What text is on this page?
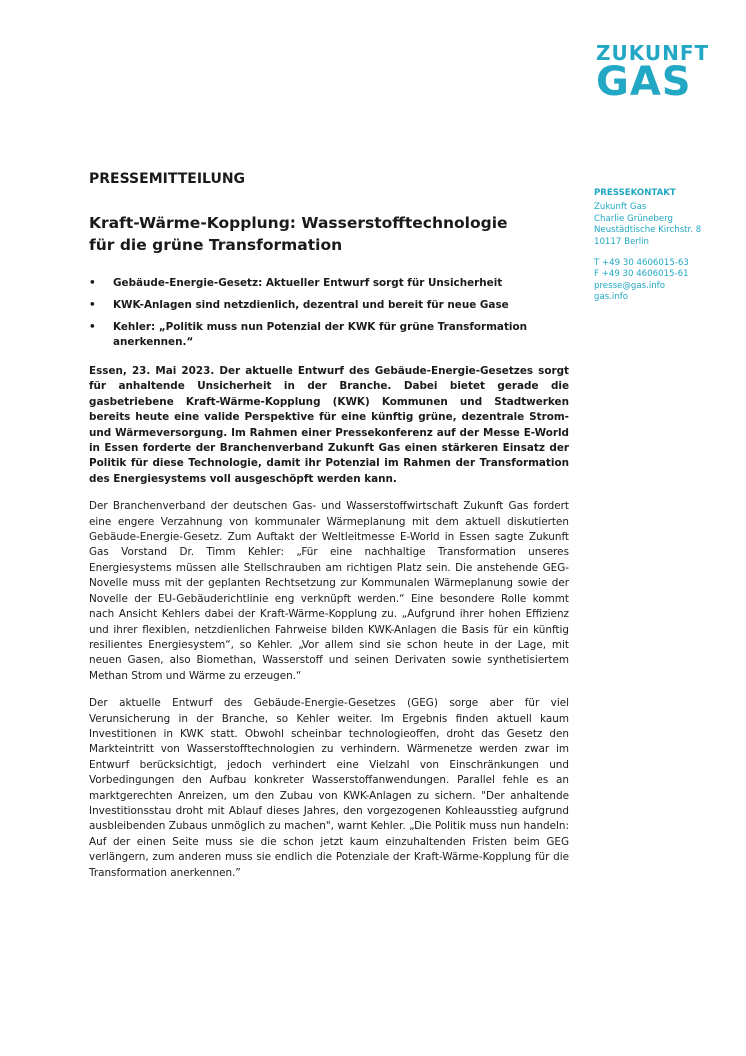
ZUKUNFT
GAS
PRESSEKONTAKT
Zukunft Gas
Charlie Grüneberg
Neustädtische Kirchstr. 8
10117 Berlin
T +49 30 4606015-63
F +49 30 4606015-61
presse@gas.info
gas.info
PRESSEMITTEILUNG
Kraft-Wärme-Kopplung: Wasserstofftechnologie
für die grüne Transformation
• Gebäude-Energie-Gesetz: Aktueller Entwurf sorgt für Unsicherheit
• KWK-Anlagen sind netzdienlich, dezentral und bereit für neue Gase
• Kehler: „Politik muss nun Potenzial der KWK für grüne Transformation anerkennen.“
Essen, 23. Mai 2023. Der aktuelle Entwurf des Gebäude-Energie-Gesetzes sorgt für anhaltende Unsicherheit in der Branche. Dabei bietet gerade die gasbetriebene Kraft-Wärme-Kopplung (KWK) Kommunen und Stadtwerken bereits heute eine valide Perspektive für eine künftig grüne, dezentrale Strom- und Wärmeversorgung. Im Rahmen einer Pressekonferenz auf der Messe E-World in Essen forderte der Branchenverband Zukunft Gas einen stärkeren Einsatz der Politik für diese Technologie, damit ihr Potenzial im Rahmen der Transformation des Energiesystems voll ausgeschöpft werden kann.
Der Branchenverband der deutschen Gas- und Wasserstoffwirtschaft Zukunft Gas fordert eine engere Verzahnung von kommunaler Wärmeplanung mit dem aktuell diskutierten Gebäude-Energie-Gesetz. Zum Auftakt der Weltleitmesse E-World in Essen sagte Zukunft Gas Vorstand Dr. Timm Kehler: „Für eine nachhaltige Transformation unseres Energiesystems müssen alle Stellschrauben am richtigen Platz sein. Die anstehende GEG-Novelle muss mit der geplanten Rechtsetzung zur Kommunalen Wärmeplanung sowie der Novelle der EU-Gebäuderichtlinie eng verknüpft werden.“ Eine besondere Rolle kommt nach Ansicht Kehlers dabei der Kraft-Wärme-Kopplung zu. „Aufgrund ihrer hohen Effizienz und ihrer flexiblen, netzdienlichen Fahrweise bilden KWK-Anlagen die Basis für ein künftig resilientes Energiesystem“, so Kehler. „Vor allem sind sie schon heute in der Lage, mit neuen Gasen, also Biomethan, Wasserstoff und seinen Derivaten sowie synthetisiertem Methan Strom und Wärme zu erzeugen.“
Der aktuelle Entwurf des Gebäude-Energie-Gesetzes (GEG) sorge aber für viel Verunsicherung in der Branche, so Kehler weiter. Im Ergebnis finden aktuell kaum Investitionen in KWK statt. Obwohl scheinbar technologieoffen, droht das Gesetz den Markteintritt von Wasserstofftechnologien zu verhindern. Wärmenetze werden zwar im Entwurf berücksichtigt, jedoch verhindert eine Vielzahl von Einschränkungen und Vorbedingungen den Aufbau konkreter Wasserstoffanwendungen. Parallel fehle es an marktgerechten Anreizen, um den Zubau von KWK-Anlagen zu sichern. "Der anhaltende Investitionsstau droht mit Ablauf dieses Jahres, den vorgezogenen Kohleausstieg aufgrund ausbleibenden Zubaus unmöglich zu machen", warnt Kehler. „Die Politik muss nun handeln: Auf der einen Seite muss sie die schon jetzt kaum einzuhaltenden Fristen beim GEG verlängern, zum anderen muss sie endlich die Potenziale der Kraft-Wärme-Kopplung für die Transformation anerkennen.”
